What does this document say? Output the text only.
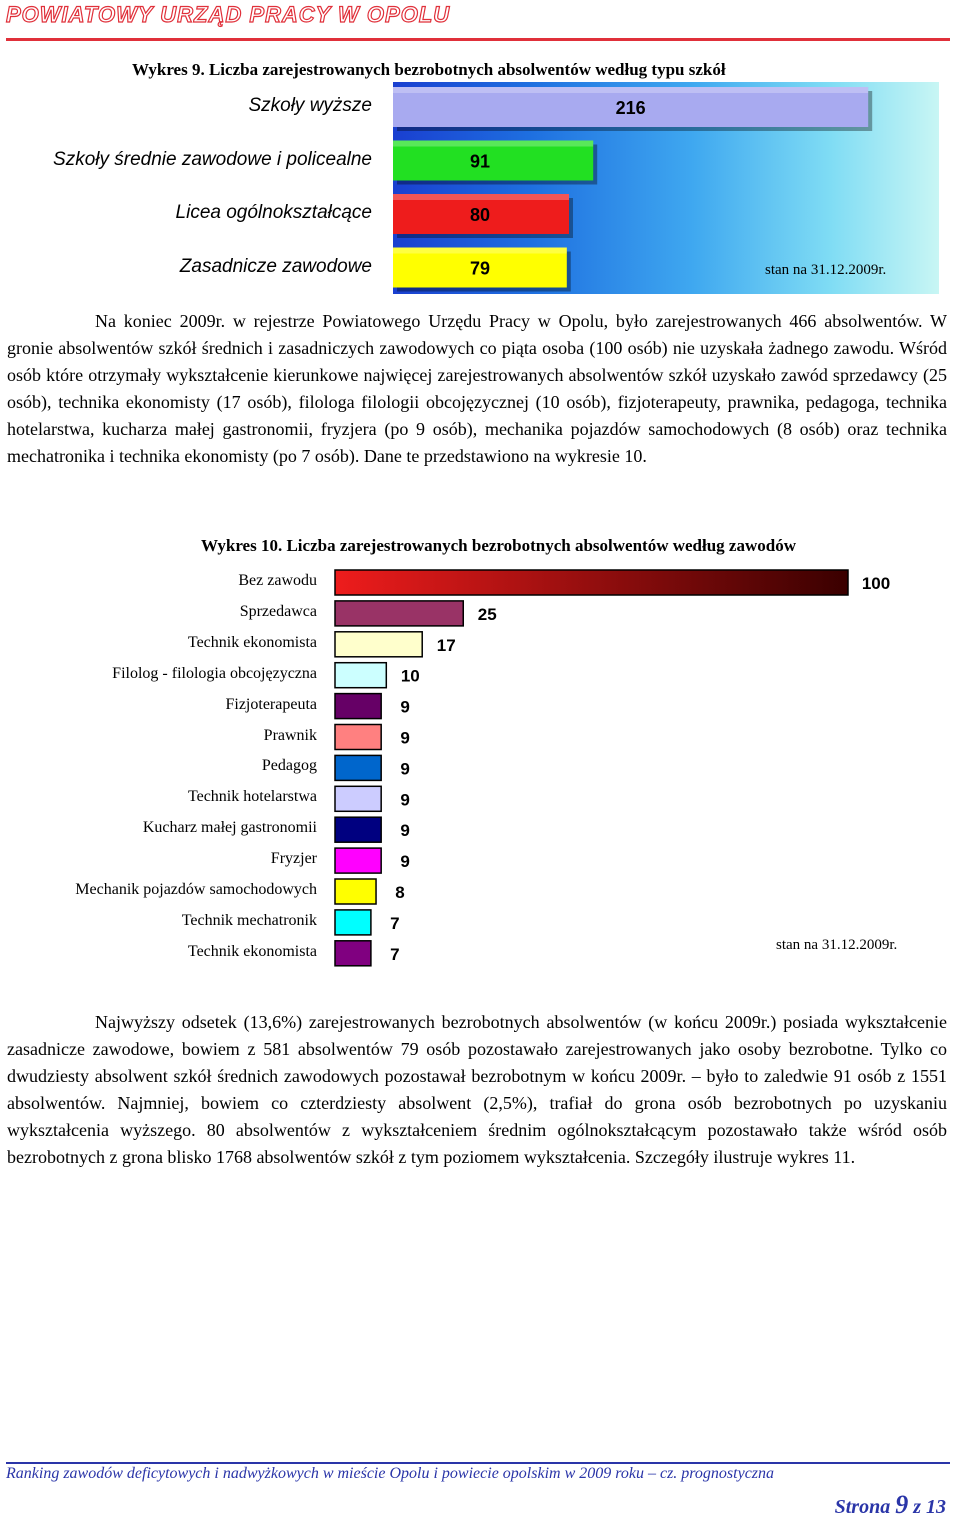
POWIATOWY URZĄD PRACY W OPOLU
Wykres 9. Liczba zarejestrowanych bezrobotnych absolwentów według typu szkół
216
91
80
79
Szkoły wyższe
Szkoły średnie zawodowe i policealne
Licea ogólnokształcące
Zasadnicze zawodowe	stan na 31.12.2009r.
Na koniec 2009r. w rejestrze Powiatowego Urzędu Pracy w Opolu, było zarejestrowanych 466 absolwentów. W gronie absolwentów szkół średnich i zasadniczych zawodowych co piąta osoba (100 osób) nie uzyskała żadnego zawodu. Wśród osób które otrzymały wykształcenie kierunkowe najwięcej zarejestrowanych absolwentów szkół uzyskało zawód sprzedawcy (25 osób), technika ekonomisty (17 osób), filologa filologii obcojęzycznej (10 osób), fizjoterapeuty, prawnika, pedagoga, technika hotelarstwa, kucharza małej gastronomii, fryzjera (po 9 osób), mechanika pojazdów samochodowych (8 osób) oraz technika mechatronika i technika ekonomisty (po 7 osób). Dane te przedstawiono na wykresie 10.
Wykres 10. Liczba zarejestrowanych bezrobotnych absolwentów według zawodów
100
25
17
10
9
9
9
9
9
9
8
7
7
Bez zawodu
Sprzedawca
Technik ekonomista
Filolog - filologia obcojęzyczna
Fizjoterapeuta
Prawnik
Pedagog
Technik hotelarstwa
Kucharz małej gastronomii
Fryzjer
Mechanik pojazdów samochodowych
Technik mechatronik
Technik ekonomista	stan na 31.12.2009r.
Najwyższy odsetek (13,6%) zarejestrowanych bezrobotnych absolwentów (w końcu 2009r.) posiada wykształcenie zasadnicze zawodowe, bowiem z 581 absolwentów 79 osób pozostawało zarejestrowanych jako osoby bezrobotne. Tylko co dwudziesty absolwent szkół średnich zawodowych pozostawał bezrobotnym w końcu 2009r. – było to zaledwie 91 osób z 1551 absolwentów. Najmniej, bowiem co czterdziesty absolwent (2,5%), trafiał do grona osób bezrobotnych po uzyskaniu wykształcenia wyższego. 80 absolwentów z wykształceniem średnim ogólnokształcącym pozostawało także wśród osób bezrobotnych z grona blisko 1768 absolwentów szkół z tym poziomem wykształcenia. Szczegóły ilustruje wykres 11.
Ranking zawodów deficytowych i nadwyżkowych w mieście Opolu i powiecie opolskim w 2009 roku – cz. prognostyczna
Strona 9 z 13
